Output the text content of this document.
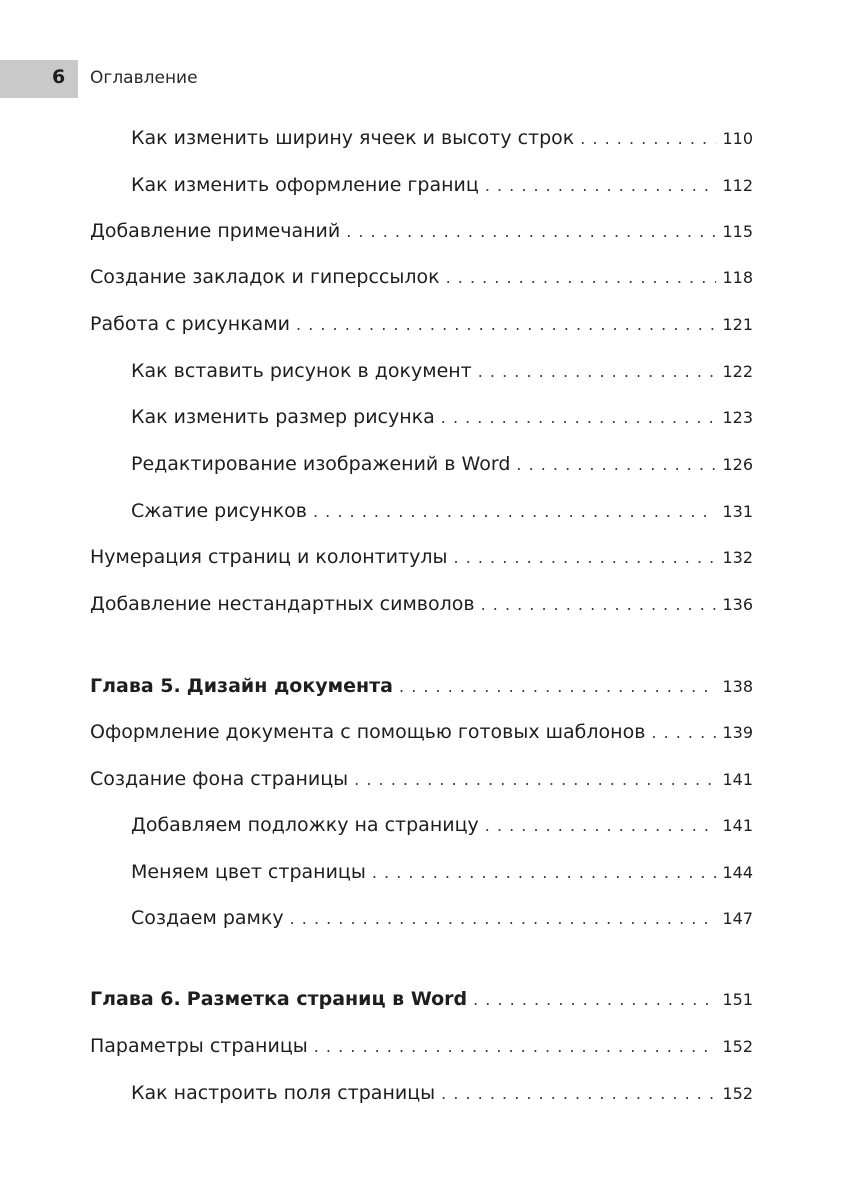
6 Оглавление
Как изменить ширину ячеек и высоту строк . . .	110
Как изменить оформление границ . . .	112
Добавление примечаний . . .	115
Создание закладок и гиперссылок . . .	118
Работа с рисунками . . .	121
Как вставить рисунок в документ . . .	122
Как изменить размер рисунка . . .	123
Редактирование изображений в Word . . .	126
Сжатие рисунков . . .	131
Нумерация страниц и колонтитулы . . .	132
Добавление нестандартных символов . . .	136
Глава 5. Дизайн документа . . .	138
Оформление документа с помощью готовых шаблонов . . .	139
Создание фона страницы . . .	141
Добавляем подложку на страницу . . .	141
Меняем цвет страницы . . .	144
Создаем рамку . . .	147
Глава 6. Разметка страниц в Word . . .	151
Параметры страницы . . .	152
Как настроить поля страницы . . .	152
